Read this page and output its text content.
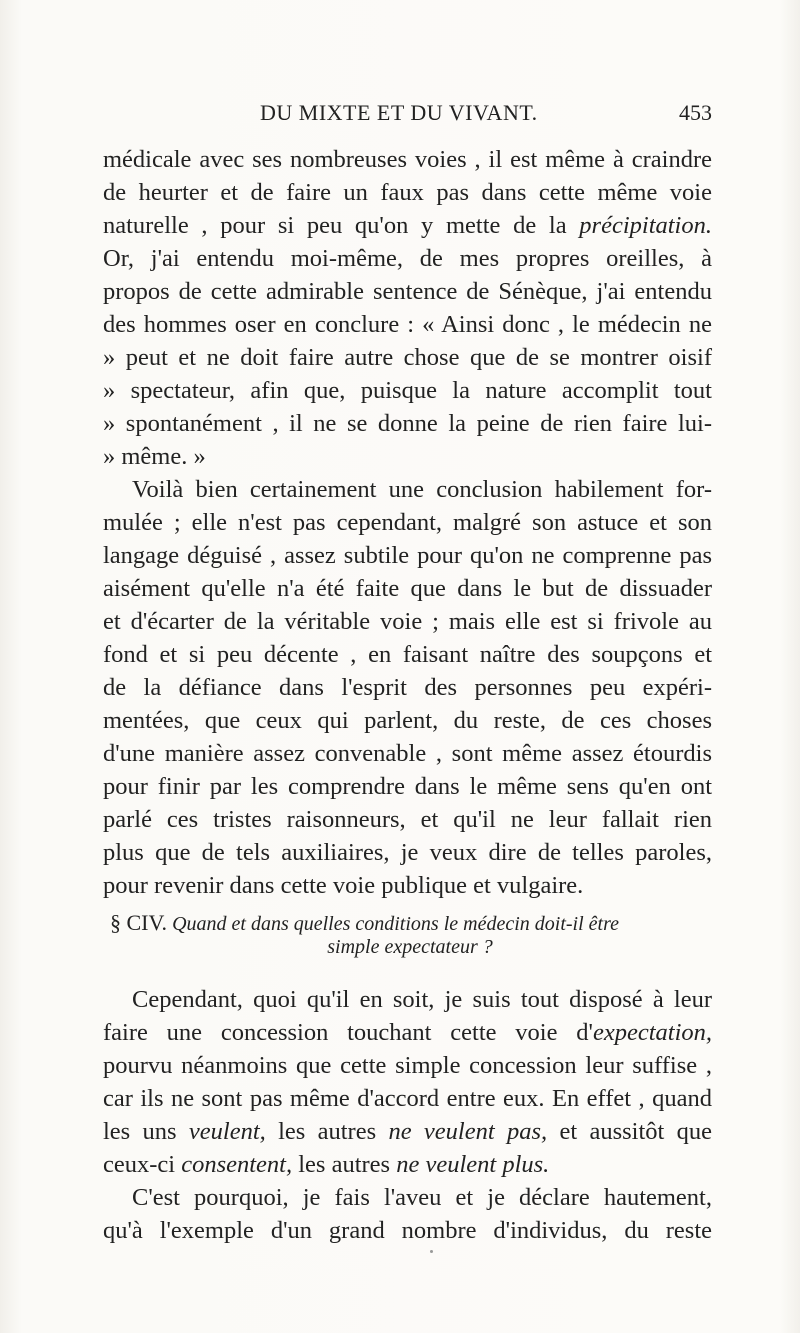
DU MIXTE ET DU VIVANT.	453
médicale avec ses nombreuses voies , il est même à craindre
de heurter et de faire un faux pas dans cette même voie
naturelle , pour si peu qu'on y mette de la précipitation.
Or, j'ai entendu moi-même, de mes propres oreilles, à
propos de cette admirable sentence de Sénèque, j'ai entendu
des hommes oser en conclure : « Ainsi donc , le médecin ne
» peut et ne doit faire autre chose que de se montrer oisif
» spectateur, afin que, puisque la nature accomplit tout
» spontanément , il ne se donne la peine de rien faire lui-
» même. »
Voilà bien certainement une conclusion habilement for-
mulée ; elle n'est pas cependant, malgré son astuce et son
langage déguisé , assez subtile pour qu'on ne comprenne pas
aisément qu'elle n'a été faite que dans le but de dissuader
et d'écarter de la véritable voie ; mais elle est si frivole au
fond et si peu décente , en faisant naître des soupçons et
de la défiance dans l'esprit des personnes peu expéri-
mentées, que ceux qui parlent, du reste, de ces choses
d'une manière assez convenable , sont même assez étourdis
pour finir par les comprendre dans le même sens qu'en ont
parlé ces tristes raisonneurs, et qu'il ne leur fallait rien
plus que de tels auxiliaires, je veux dire de telles paroles,
pour revenir dans cette voie publique et vulgaire.
§ CIV. Quand et dans quelles conditions le médecin doit-il être
simple expectateur ?
Cependant, quoi qu'il en soit, je suis tout disposé à leur
faire une concession touchant cette voie d'expectation,
pourvu néanmoins que cette simple concession leur suffise ,
car ils ne sont pas même d'accord entre eux. En effet , quand
les uns veulent, les autres ne veulent pas, et aussitôt que
ceux-ci consentent, les autres ne veulent plus.
C'est pourquoi, je fais l'aveu et je déclare hautement,
qu'à l'exemple d'un grand nombre d'individus, du reste
